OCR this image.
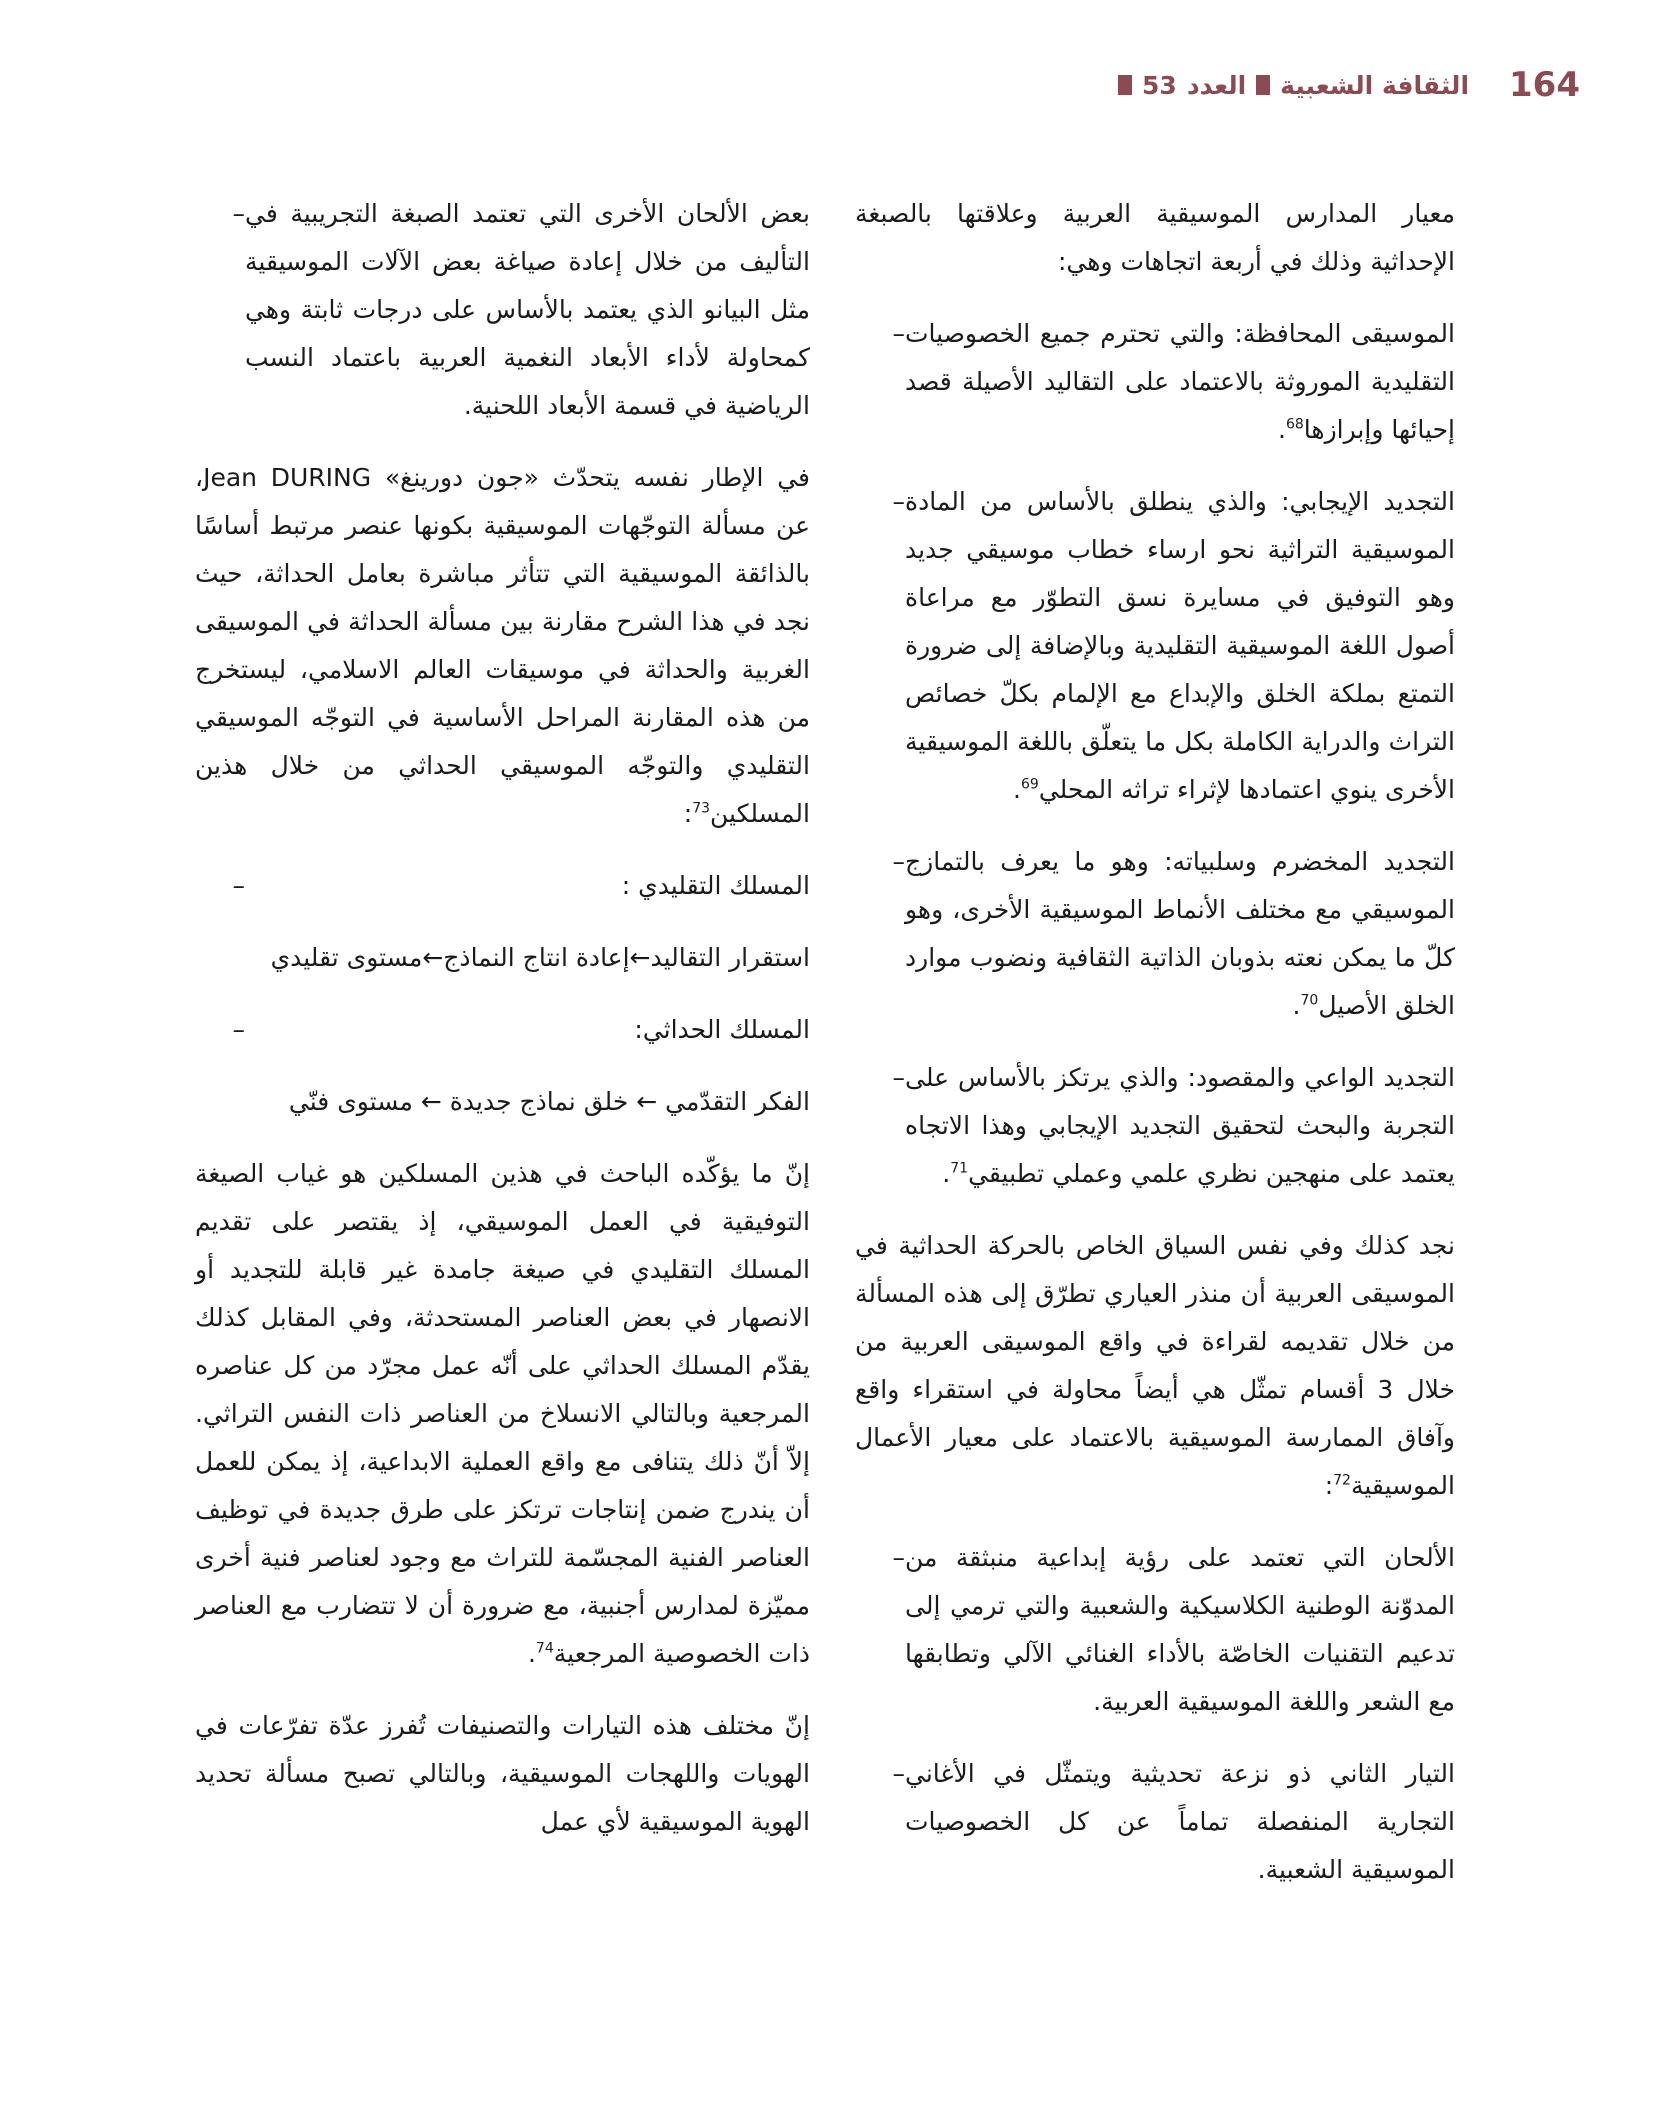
164
الثقافة الشعبية
العدد
53

معيار المدارس الموسيقية العربية وعلاقتها بالصبغة الإحداثية وذلك في أربعة اتجاهات وهي:

الموسيقى المحافظة: والتي تحترم جميع الخصوصيات التقليدية الموروثة بالاعتماد على التقاليد الأصيلة قصد إحيائها وإبرازها$^{68}$.
–
التجديد الإيجابي: والذي ينطلق بالأساس من المادة الموسيقية التراثية نحو ارساء خطاب موسيقي جديد وهو التوفيق في مسايرة نسق التطوّر مع مراعاة أصول اللغة الموسيقية التقليدية وبالإضافة إلى ضرورة التمتع بملكة الخلق والإبداع مع الإلمام بكلّ خصائص التراث والدراية الكاملة بكل ما يتعلّق باللغة الموسيقية الأخرى ينوي اعتمادها لإثراء تراثه المحلي$^{69}$.
–
التجديد المخضرم وسلبياته: وهو ما يعرف بالتمازج الموسيقي مع مختلف الأنماط الموسيقية الأخرى، وهو كلّ ما يمكن نعته بذوبان الذاتية الثقافية ونضوب موارد الخلق الأصيل$^{70}$.
–
التجديد الواعي والمقصود: والذي يرتكز بالأساس على التجربة والبحث لتحقيق التجديد الإيجابي وهذا الاتجاه يعتمد على منهجين نظري علمي وعملي تطبيقي$^{71}$.
–

نجد كذلك وفي نفس السياق الخاص بالحركة الحداثية في الموسيقى العربية أن منذر العياري تطرّق إلى هذه المسألة من خلال تقديمه لقراءة في واقع الموسيقى العربية من خلال 3 أقسام تمثّل هي أيضاً محاولة في استقراء واقع وآفاق الممارسة الموسيقية بالاعتماد على معيار الأعمال الموسيقية$^{72}$:

الألحان التي تعتمد على رؤية إبداعية منبثقة من المدوّنة الوطنية الكلاسيكية والشعبية والتي ترمي إلى تدعيم التقنيات الخاصّة بالأداء الغنائي الآلي وتطابقها مع الشعر واللغة الموسيقية العربية.
–
التيار الثاني ذو نزعة تحديثية ويتمثّل في الأغاني التجارية المنفصلة تماماً عن كل الخصوصيات الموسيقية الشعبية.
–
بعض الألحان الأخرى التي تعتمد الصبغة التجريبية في التأليف من خلال إعادة صياغة بعض الآلات الموسيقية مثل البيانو الذي يعتمد بالأساس على درجات ثابتة وهي كمحاولة لأداء الأبعاد النغمية العربية باعتماد النسب الرياضية في قسمة الأبعاد اللحنية.
–

في الإطار نفسه يتحدّث «جون دورينغ» Jean DURING، عن مسألة التوجّهات الموسيقية بكونها عنصر مرتبط أساسًا بالذائقة الموسيقية التي تتأثر مباشرة بعامل الحداثة، حيث نجد في هذا الشرح مقارنة بين مسألة الحداثة في الموسيقى الغربية والحداثة في موسيقات العالم الاسلامي، ليستخرج من هذه المقارنة المراحل الأساسية في التوجّه الموسيقي التقليدي والتوجّه الموسيقي الحداثي من خلال هذين المسلكين$^{73}$:

المسلك التقليدي :
–

استقرار التقاليد←إعادة انتاج النماذج←مستوى تقليدي

المسلك الحداثي:
–

الفكر التقدّمي ← خلق نماذج جديدة ← مستوى فنّي

إنّ ما يؤكّده الباحث في هذين المسلكين هو غياب الصيغة التوفيقية في العمل الموسيقي، إذ يقتصر على تقديم المسلك التقليدي في صيغة جامدة غير قابلة للتجديد أو الانصهار في بعض العناصر المستحدثة، وفي المقابل كذلك يقدّم المسلك الحداثي على أنّه عمل مجرّد من كل عناصره المرجعية وبالتالي الانسلاخ من العناصر ذات النفس التراثي. إلاّ أنّ ذلك يتنافى مع واقع العملية الابداعية، إذ يمكن للعمل أن يندرج ضمن إنتاجات ترتكز على طرق جديدة في توظيف العناصر الفنية المجسّمة للتراث مع وجود لعناصر فنية أخرى مميّزة لمدارس أجنبية، مع ضرورة أن لا تتضارب مع العناصر ذات الخصوصية المرجعية$^{74}$.

إنّ مختلف هذه التيارات والتصنيفات تُفرز عدّة تفرّعات في الهويات واللهجات الموسيقية، وبالتالي تصبح مسألة تحديد الهوية الموسيقية لأي عمل
